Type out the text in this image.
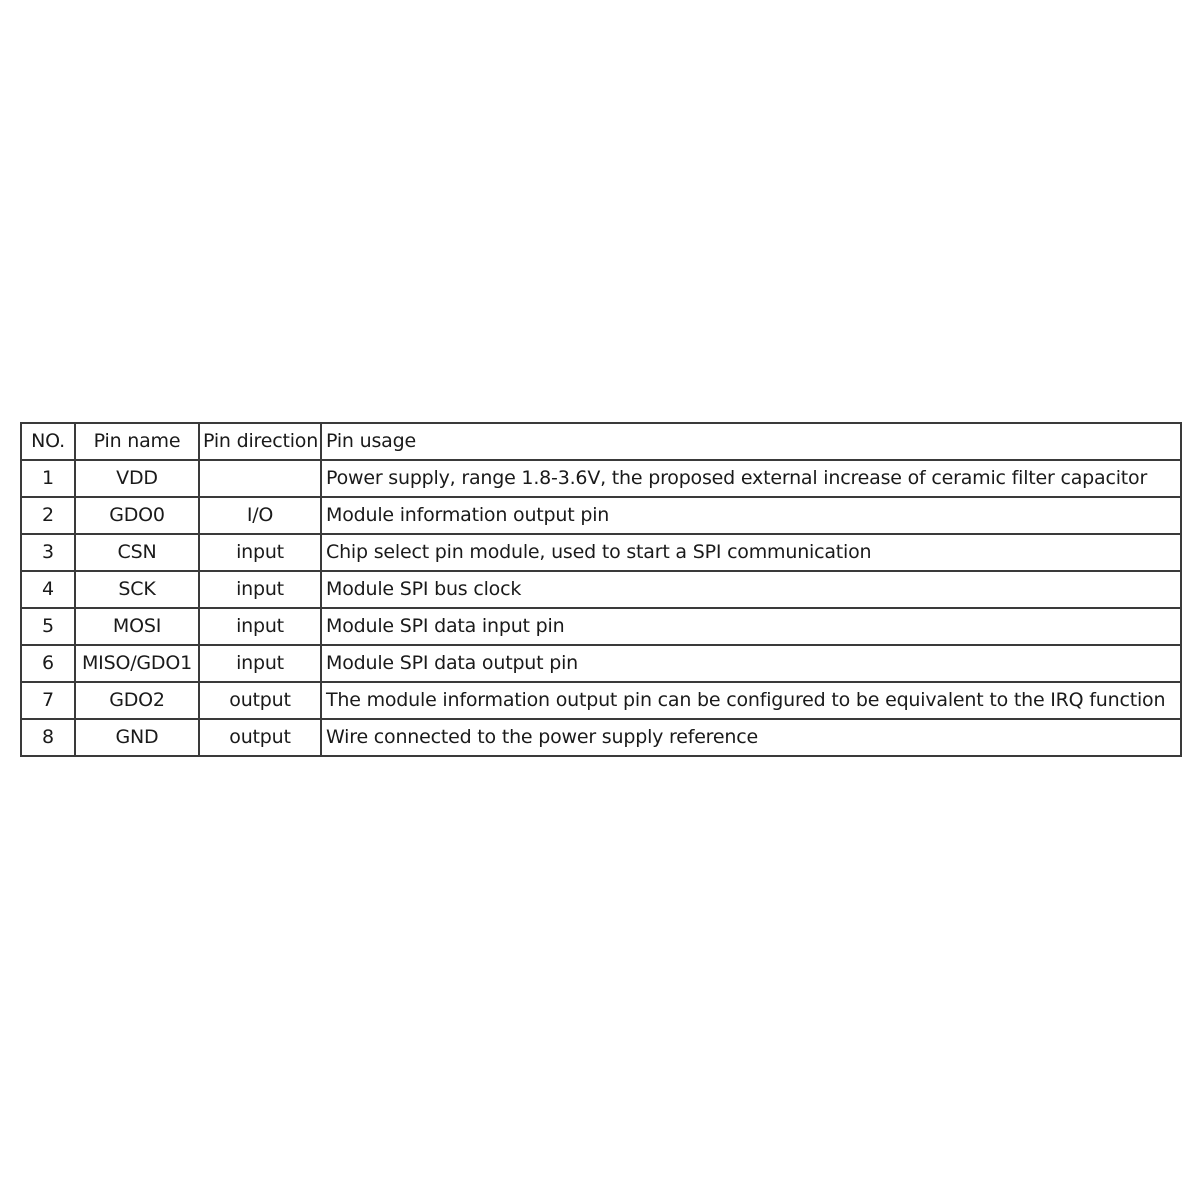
NO.	Pin name	Pin direction	Pin usage
1	VDD		Power supply, range 1.8-3.6V, the proposed external increase of ceramic filter capacitor
2	GDO0	I/O	Module information output pin
3	CSN	input	Chip select pin module, used to start a SPI communication
4	SCK	input	Module SPI bus clock
5	MOSI	input	Module SPI data input pin
6	MISO/GDO1	input	Module SPI data output pin
7	GDO2	output	The module information output pin can be configured to be equivalent to the IRQ function
8	GND	output	Wire connected to the power supply reference
